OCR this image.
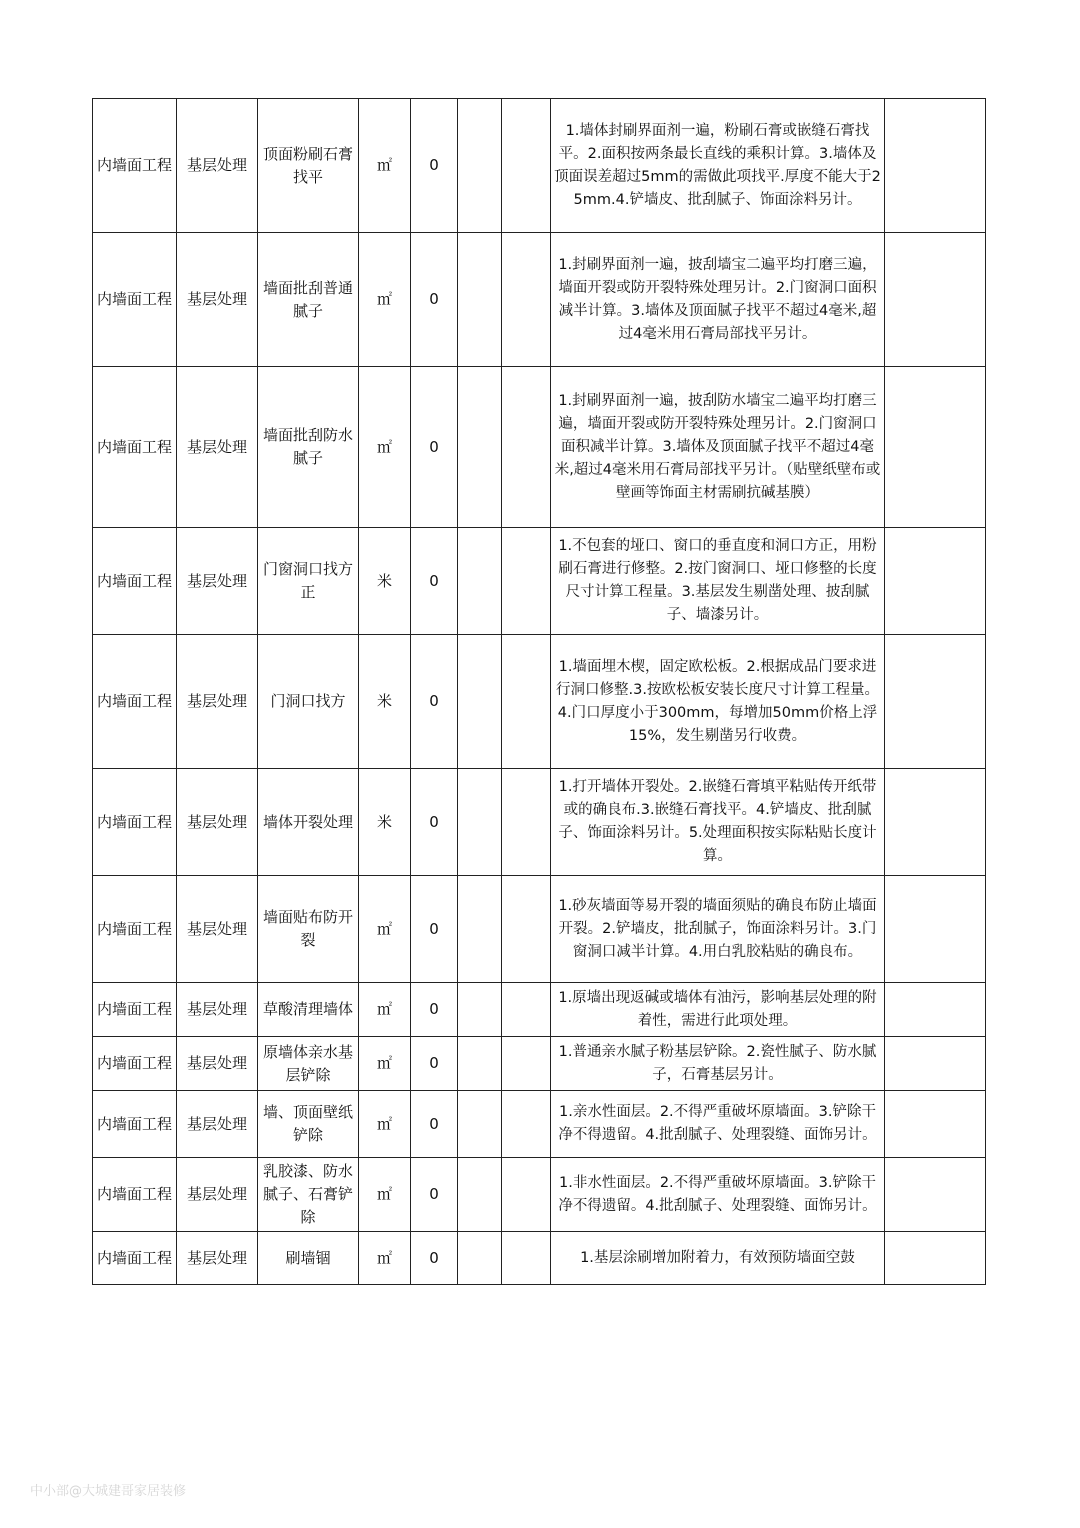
内墙面工程	基层处理	顶面粉刷石膏找平	㎡	0			1.墙体封刷界面剂一遍，粉刷石膏或嵌缝石膏找平。2.面积按两条最长直线的乘积计算。3.墙体及顶面误差超过5mm的需做此项找平.厚度不能大于25mm.4.铲墙皮、批刮腻子、饰面涂料另计。	
内墙面工程	基层处理	墙面批刮普通腻子	㎡	0			1.封刷界面剂一遍，披刮墙宝二遍平均打磨三遍，墙面开裂或防开裂特殊处理另计。2.门窗洞口面积减半计算。3.墙体及顶面腻子找平不超过4毫米,超过4毫米用石膏局部找平另计。	
内墙面工程	基层处理	墙面批刮防水腻子	㎡	0			1.封刷界面剂一遍，披刮防水墙宝二遍平均打磨三遍，墙面开裂或防开裂特殊处理另计。2.门窗洞口面积减半计算。3.墙体及顶面腻子找平不超过4毫米,超过4毫米用石膏局部找平另计。（贴壁纸壁布或壁画等饰面主材需刷抗碱基膜）	
内墙面工程	基层处理	门窗洞口找方正	米	0			1.不包套的垭口、窗口的垂直度和洞口方正，用粉刷石膏进行修整。2.按门窗洞口、垭口修整的长度尺寸计算工程量。3.基层发生剔凿处理、披刮腻子、墙漆另计。	
内墙面工程	基层处理	门洞口找方	米	0			1.墙面埋木楔，固定欧松板。2.根据成品门要求进行洞口修整.3.按欧松板安装长度尺寸计算工程量。4.门口厚度小于300mm，每增加50mm价格上浮15%，发生剔凿另行收费。	
内墙面工程	基层处理	墙体开裂处理	米	0			1.打开墙体开裂处。2.嵌缝石膏填平粘贴传开纸带或的确良布.3.嵌缝石膏找平。4.铲墙皮、批刮腻子、饰面涂料另计。5.处理面积按实际粘贴长度计算。	
内墙面工程	基层处理	墙面贴布防开裂	㎡	0			1.砂灰墙面等易开裂的墙面须贴的确良布防止墙面开裂。2.铲墙皮，批刮腻子，饰面涂料另计。3.门窗洞口减半计算。4.用白乳胶粘贴的确良布。	
内墙面工程	基层处理	草酸清理墙体	㎡	0			1.原墙出现返碱或墙体有油污，影响基层处理的附着性，需进行此项处理。	
内墙面工程	基层处理	原墙体亲水基层铲除	㎡	0			1.普通亲水腻子粉基层铲除。2.瓷性腻子、防水腻子，石膏基层另计。	
内墙面工程	基层处理	墙、顶面壁纸铲除	㎡	0			1.亲水性面层。2.不得严重破坏原墙面。3.铲除干净不得遗留。4.批刮腻子、处理裂缝、面饰另计。	
内墙面工程	基层处理	乳胶漆、防水腻子、石膏铲除	㎡	0			1.非水性面层。2.不得严重破坏原墙面。3.铲除干净不得遗留。4.批刮腻子、处理裂缝、面饰另计。	
内墙面工程	基层处理	刷墙锢	㎡	0			1.基层涂刷增加附着力，有效预防墙面空鼓	
中小部@大城建哥家居装修
